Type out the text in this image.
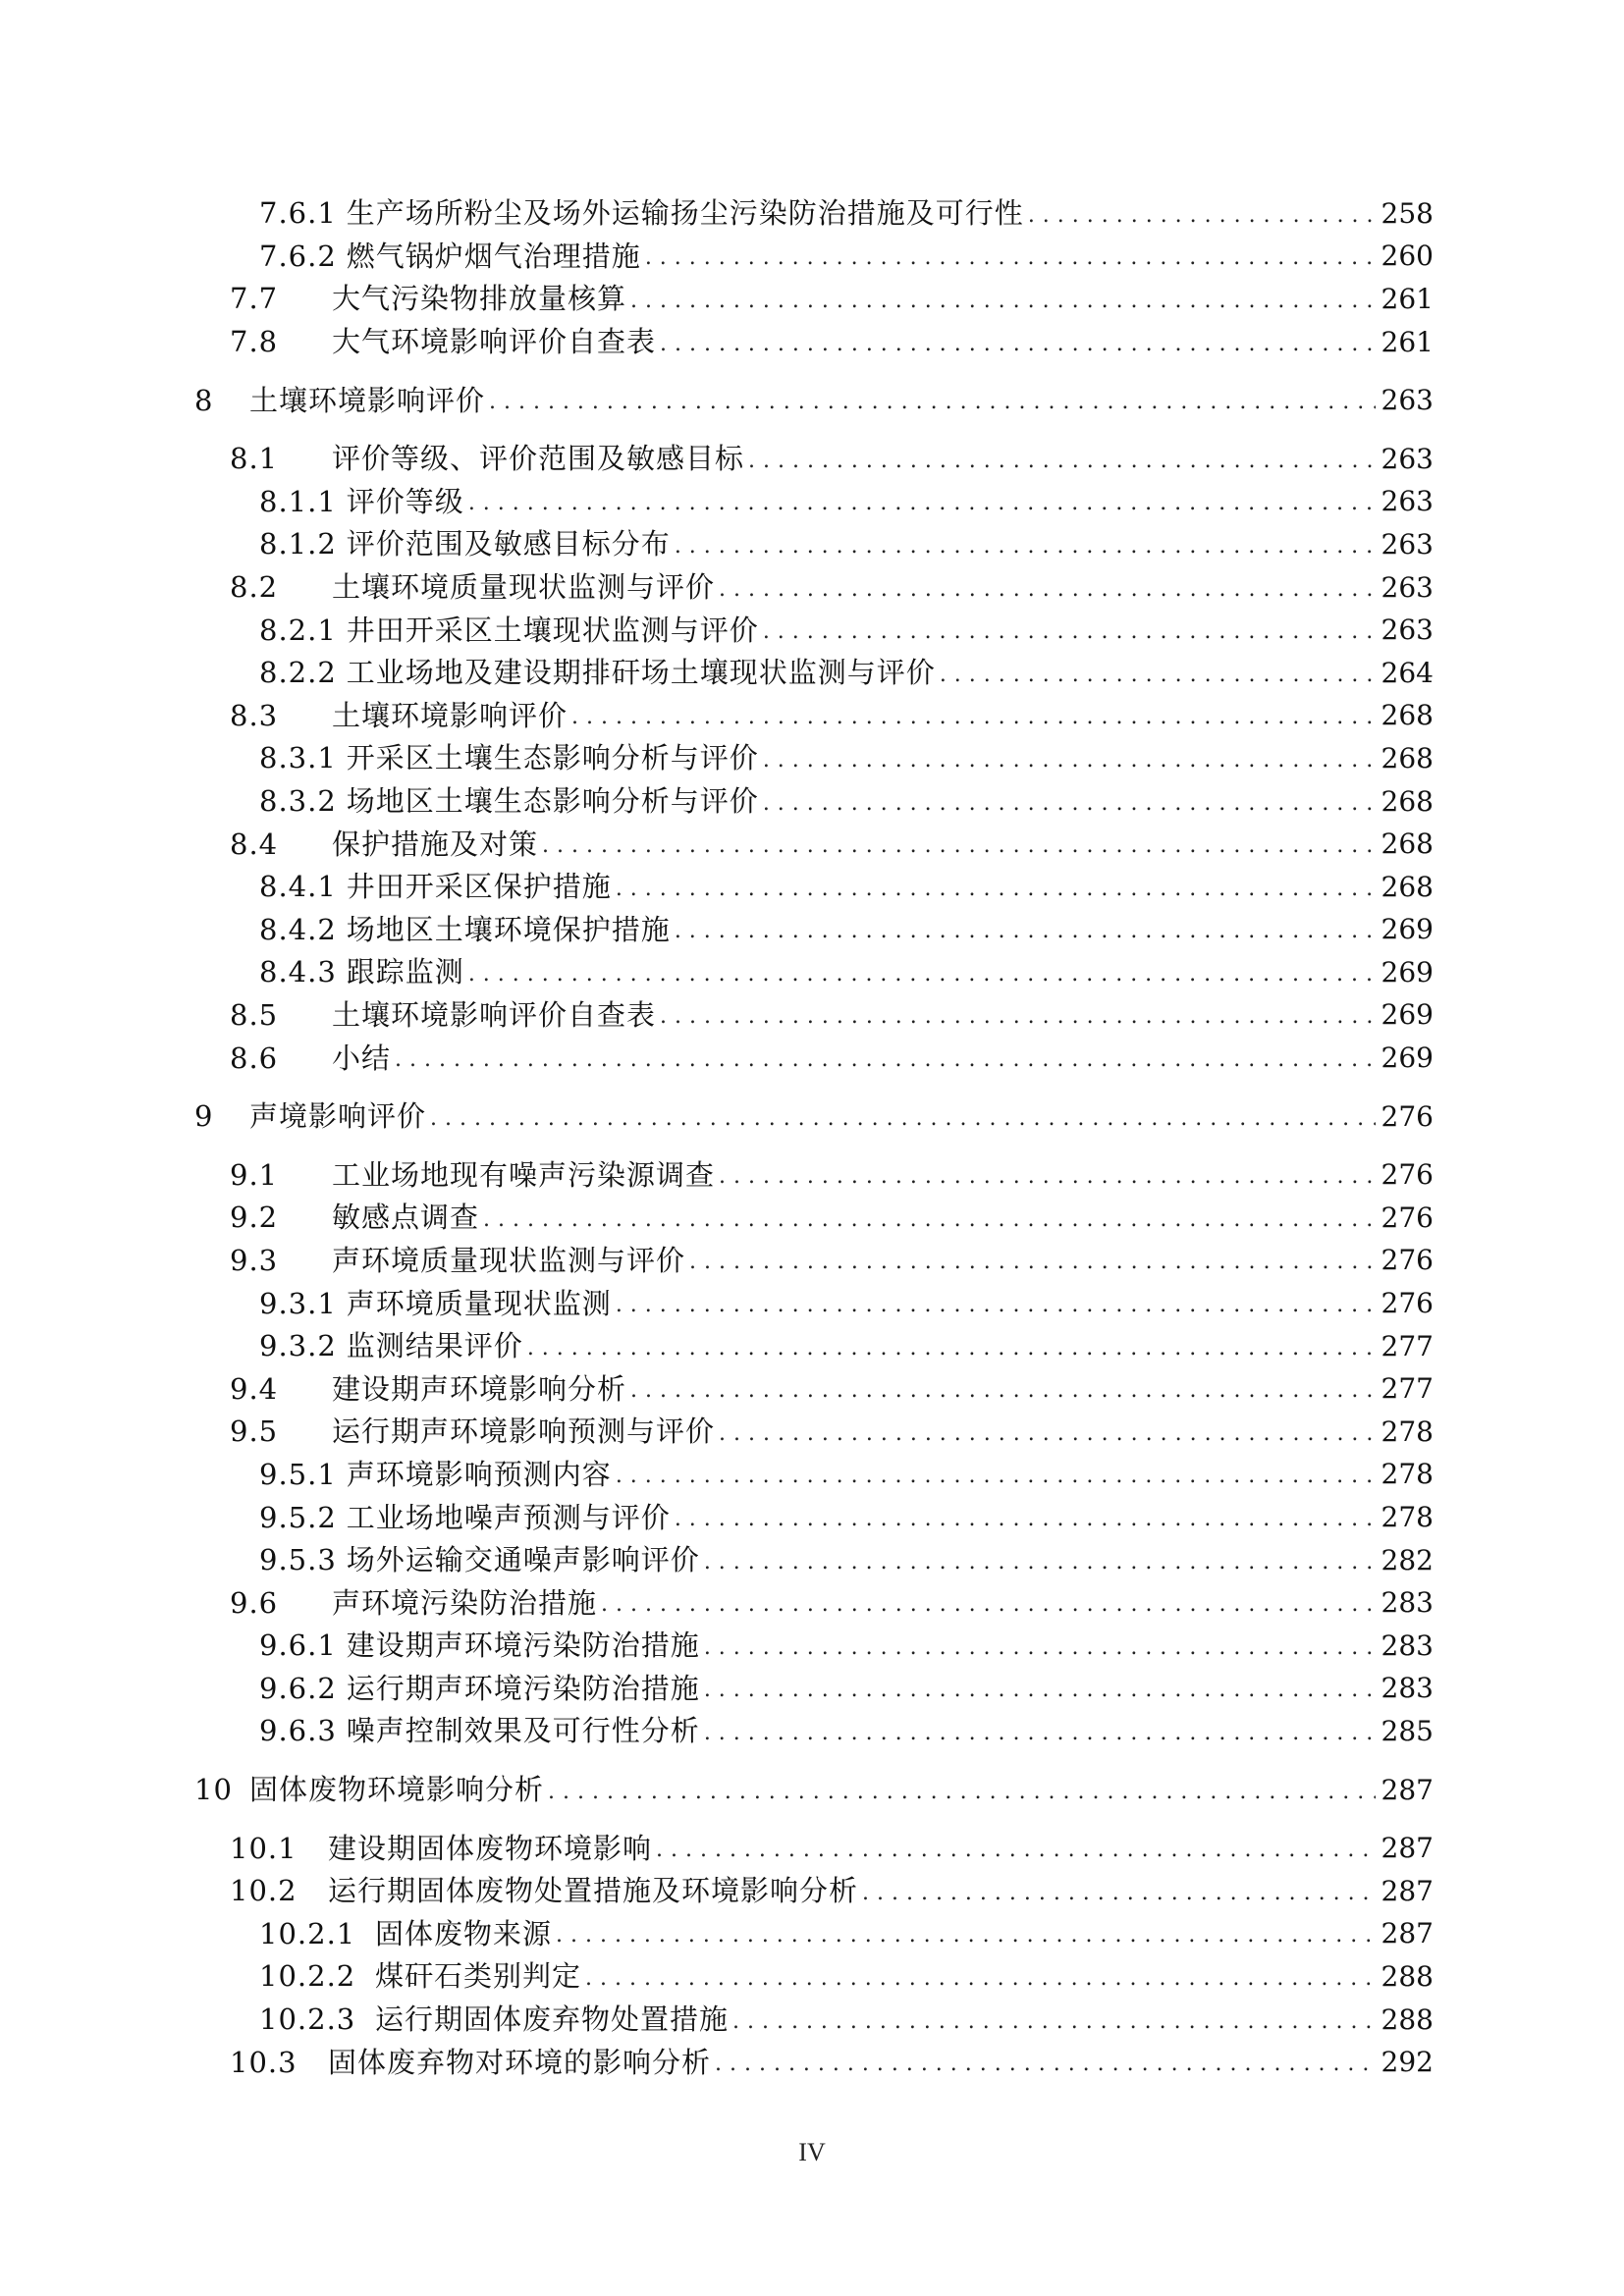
7.6.1 生产场所粉尘及场外运输扬尘污染防治措施及可行性 . . .	258
7.6.2 燃气锅炉烟气治理措施 . . .	260
7.7	大气污染物排放量核算 . . .	261
7.8	大气环境影响评价自查表 . . .	261
8	土壤环境影响评价 . . .	263
8.1	评价等级、评价范围及敏感目标 . . .	263
8.1.1 评价等级 . . .	263
8.1.2 评价范围及敏感目标分布 . . .	263
8.2	土壤环境质量现状监测与评价 . . .	263
8.2.1 井田开采区土壤现状监测与评价 . . .	263
8.2.2 工业场地及建设期排矸场土壤现状监测与评价 . . .	264
8.3	土壤环境影响评价 . . .	268
8.3.1 开采区土壤生态影响分析与评价 . . .	268
8.3.2 场地区土壤生态影响分析与评价 . . .	268
8.4	保护措施及对策 . . .	268
8.4.1 井田开采区保护措施 . . .	268
8.4.2 场地区土壤环境保护措施 . . .	269
8.4.3 跟踪监测 . . .	269
8.5	土壤环境影响评价自查表 . . .	269
8.6	小结 . . .	269
9	声境影响评价 . . .	276
9.1	工业场地现有噪声污染源调查 . . .	276
9.2	敏感点调查 . . .	276
9.3	声环境质量现状监测与评价 . . .	276
9.3.1 声环境质量现状监测 . . .	276
9.3.2 监测结果评价 . . .	277
9.4	建设期声环境影响分析 . . .	277
9.5	运行期声环境影响预测与评价 . . .	278
9.5.1 声环境影响预测内容 . . .	278
9.5.2 工业场地噪声预测与评价 . . .	278
9.5.3 场外运输交通噪声影响评价 . . .	282
9.6	声环境污染防治措施 . . .	283
9.6.1 建设期声环境污染防治措施 . . .	283
9.6.2 运行期声环境污染防治措施 . . .	283
9.6.3 噪声控制效果及可行性分析 . . .	285
10 固体废物环境影响分析 . . .	287
10.1	建设期固体废物环境影响 . . .	287
10.2	运行期固体废物处置措施及环境影响分析 . . .	287
10.2.1 固体废物来源 . . .	287
10.2.2 煤矸石类别判定 . . .	288
10.2.3 运行期固体废弃物处置措施 . . .	288
10.3	固体废弃物对环境的影响分析 . . .	292
IV
